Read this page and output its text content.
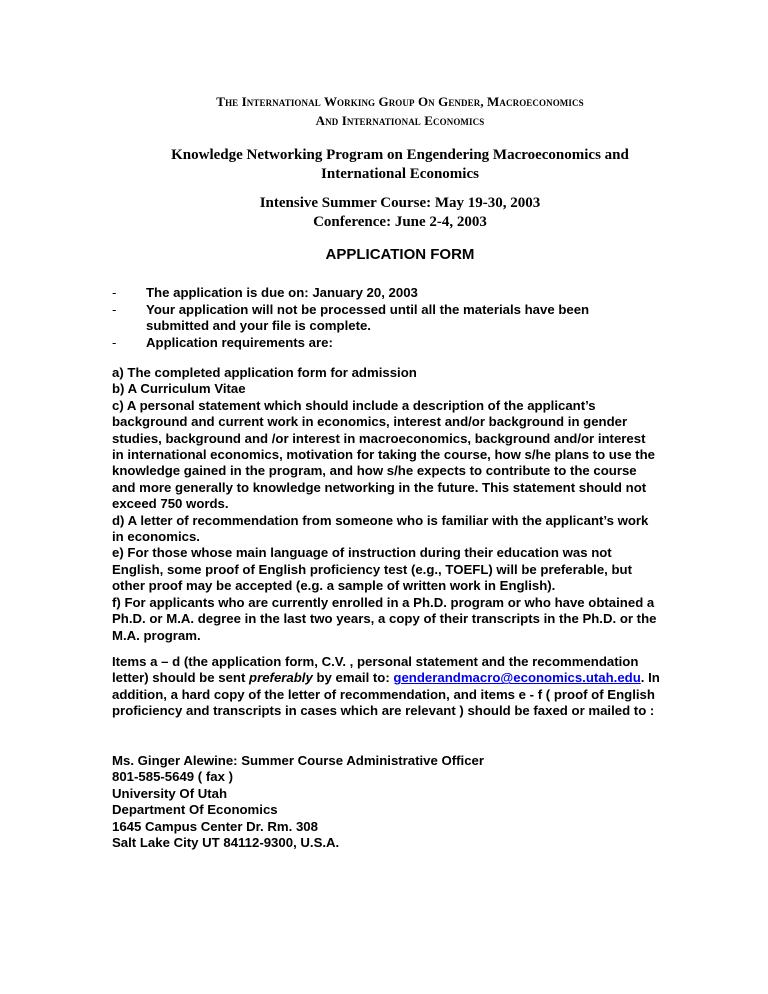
The International Working Group On Gender, Macroeconomics
And International Economics
Knowledge Networking Program on Engendering Macroeconomics and International Economics
Intensive Summer Course: May 19-30, 2003
Conference: June 2-4, 2003
APPLICATION FORM
- The application is due on: January 20, 2003
- Your application will not be processed until all the materials have been submitted and your file is complete.
- Application requirements are:

a) The completed application form for admission

b) A Curriculum Vitae

c) A personal statement which should include a description of the applicant’s background and current work in economics, interest and/or background in gender studies, background and /or interest in macroeconomics, background and/or interest in international economics, motivation for taking the course, how s/he plans to use the knowledge gained in the program, and how s/he expects to contribute to the course and more generally to knowledge networking in the future. This statement should not exceed 750 words.

d) A letter of recommendation from someone who is familiar with the applicant’s work in economics.

e) For those whose main language of instruction during their education was not English, some proof of English proficiency test (e.g., TOEFL) will be preferable, but other proof may be accepted (e.g. a sample of written work in English).

f) For applicants who are currently enrolled in a Ph.D. program or who have obtained a Ph.D. or M.A. degree in the last two years, a copy of their transcripts in the Ph.D. or the M.A. program.

Items a – d (the application form, C.V. , personal statement and the recommendation letter) should be sent preferably by email to: genderandmacro@economics.utah.edu. In addition, a hard copy of the letter of recommendation, and items e - f ( proof of English proficiency and transcripts in cases which are relevant ) should be faxed or mailed to :

Ms. Ginger Alewine: Summer Course Administrative Officer

801-585-5649 ( fax )

University Of Utah

Department Of Economics

1645 Campus Center Dr. Rm. 308

Salt Lake City UT 84112-9300, U.S.A.
